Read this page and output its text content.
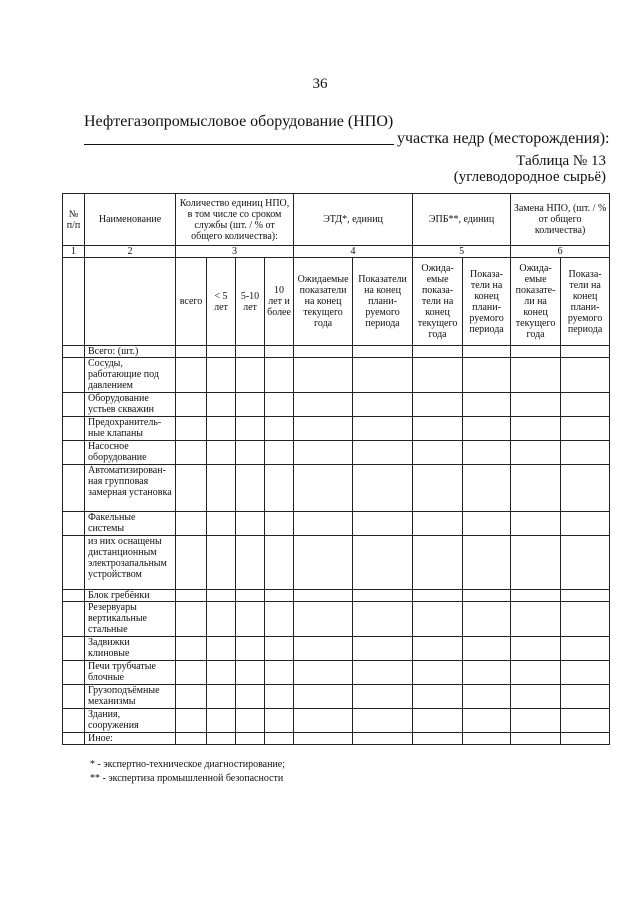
36
Нефтегазопромысловое оборудование (НПО)
участка недр (месторождения):
Таблица № 13
(углеводородное сырьё)
№ п/п	Наименование	Количество единиц НПО, в том числе со сроком службы (шт. / % от общего количества):				ЭТД*, единиц		ЭПБ**, единиц		Замена НПО, (шт. / % от общего количества)	
1	2	3				4		5		6	
		всего	< 5 лет	5-10 лет	10 лет и более	Ожидаемые показатели на конец текущего года	Показатели на конец плани-руемого периода	Ожида-емые показа-тели на конец текущего года	Показа-тели на конец плани-руемого периода	Ожида-емые показате-ли на конец текущего года	Показа-тели на конец плани-руемого периода
	Всего: (шт.)										
	Сосуды, работающие под давлением										
	Оборудование устьев скважин										
	Предохранитель-ные клапаны										
	Насосное оборудование										
	Автоматизирован-ная групповая замерная установка										
	Факельные системы										
	из них оснащены дистанционным электрозапальным устройством										
	Блок гребёнки										
	Резервуары вертикальные стальные										
	Задвижки клиновые										
	Печи трубчатые блочные										
	Грузоподъёмные механизмы										
	Здания, сооружения										
	Иное:										
* - экспертно-техническое диагностирование;
** - экспертиза промышленной безопасности
